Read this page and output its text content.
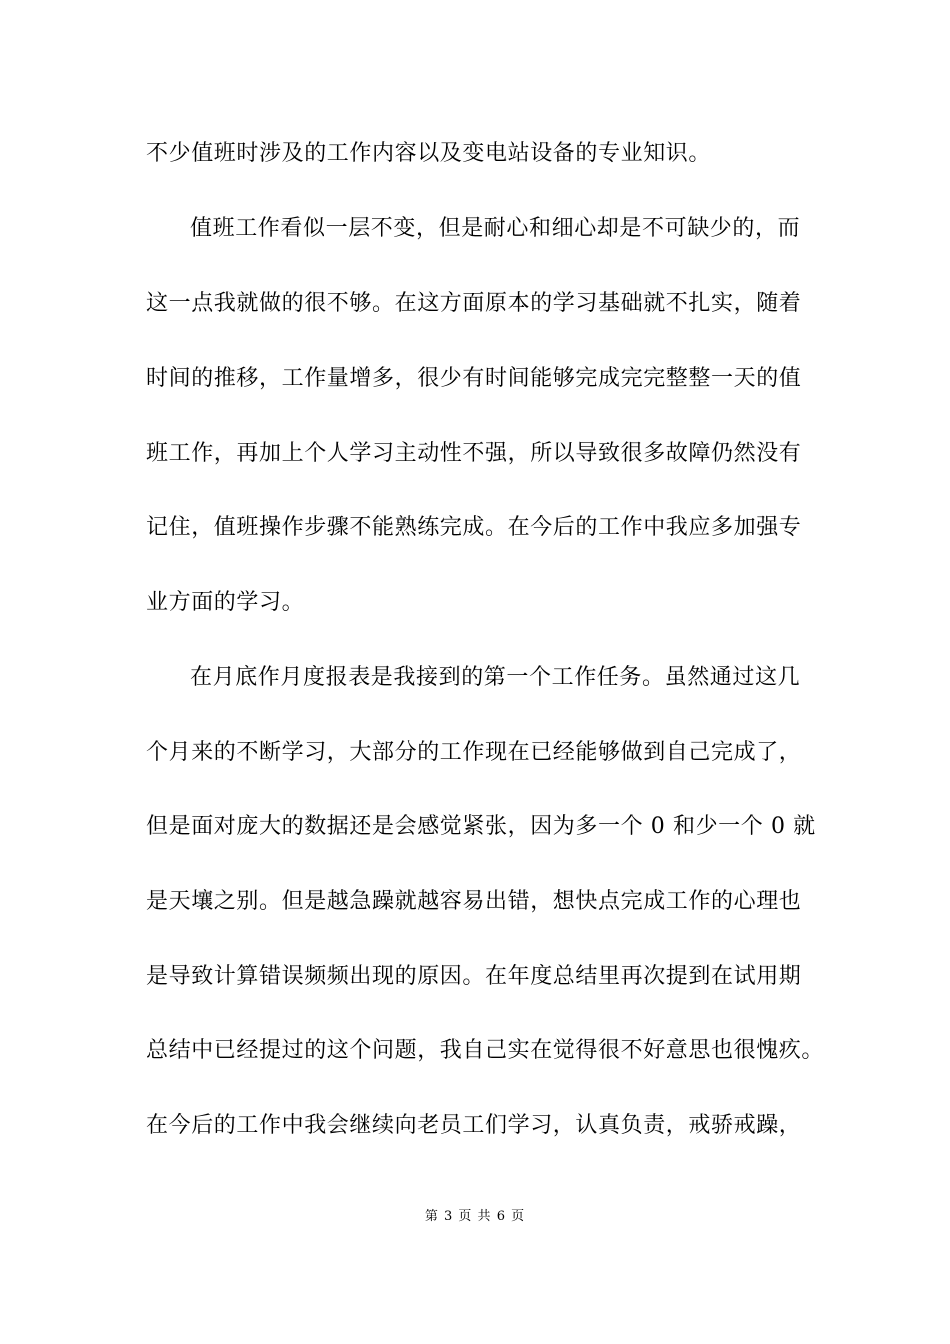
不少值班时涉及的工作内容以及变电站设备的专业知识。
值班工作看似一层不变，但是耐心和细心却是不可缺少的，而
这一点我就做的很不够。在这方面原本的学习基础就不扎实，随着
时间的推移，工作量增多，很少有时间能够完成完完整整一天的值
班工作，再加上个人学习主动性不强，所以导致很多故障仍然没有
记住，值班操作步骤不能熟练完成。在今后的工作中我应多加强专
业方面的学习。
在月底作月度报表是我接到的第一个工作任务。虽然通过这几
个月来的不断学习，大部分的工作现在已经能够做到自己完成了，
但是面对庞大的数据还是会感觉紧张，因为多一个 0 和少一个 0 就
是天壤之别。但是越急躁就越容易出错，想快点完成工作的心理也
是导致计算错误频频出现的原因。在年度总结里再次提到在试用期
总结中已经提过的这个问题，我自己实在觉得很不好意思也很愧疚。
在今后的工作中我会继续向老员工们学习，认真负责，戒骄戒躁，
第 3 页 共 6 页
